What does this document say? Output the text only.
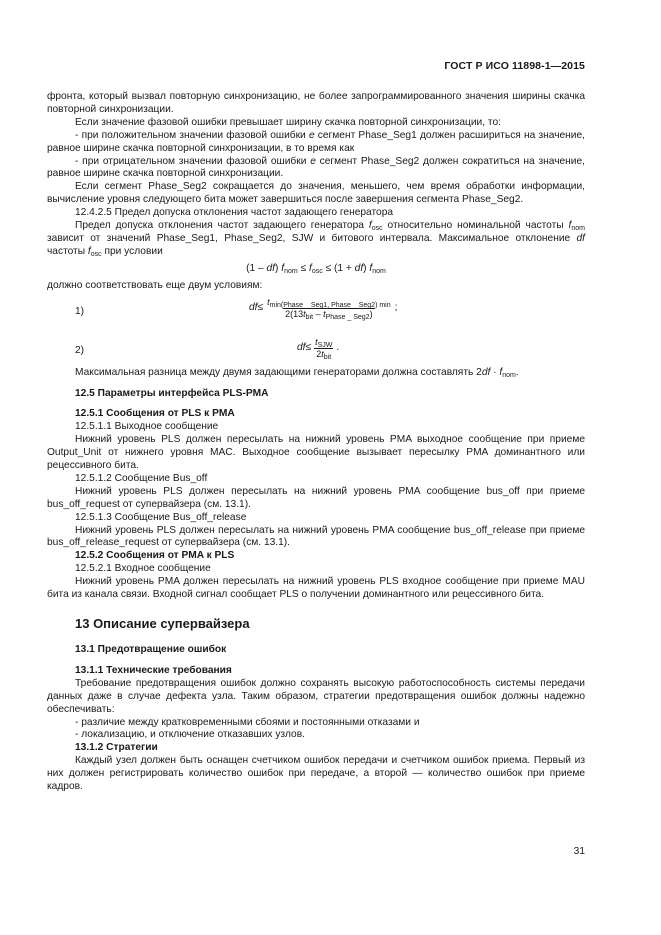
ГОСТ Р ИСО 11898-1—2015

фронта, который вызвал повторную синхронизацию, не более запрограммированного значения ширины скачка повторной синхронизации.

Если значение фазовой ошибки превышает ширину скачка повторной синхронизации, то:

- при положительном значении фазовой ошибки e сегмент Phase_Seg1 должен расшириться на значение, равное ширине скачка повторной синхронизации, в то время как

- при отрицательном значении фазовой ошибки e сегмент Phase_Seg2 должен сократиться на значение, равное ширине скачка повторной синхронизации.

Если сегмент Phase_Seg2 сокращается до значения, меньшего, чем время обработки информации, вычисление уровня следующего бита может завершиться после завершения сегмента Phase_Seg2.

12.4.2.5 Предел допуска отклонения частот задающего генератора

Предел допуска отклонения частот задающего генератора $f_{osc}$ относительно номинальной частоты $f_{nom}$ зависит от значений Phase_Seg1, Phase_Seg2, SJW и битового интервала. Максимальное отклонение df частоты $f_{osc}$ при условии

(1 – df) $f_{nom} \le f_{osc} \le (1 + df)$ $f_{nom}$

должно соответствовать еще двум условиям:

1)	df ≤ $\frac{t_{min(Phase \_ Seg1, Phase \_ Seg2) min}}{2(13t_{bit} - t_{Phase \_ Seg2})}$ ;
2)	df ≤ $\frac{t_{SJW}}{2t_{bit}}$ .

Максимальная разница между двумя задающими генераторами должна составлять $2df \cdot f_{nom}$.

12.5 Параметры интерфейса PLS-PMA

12.5.1 Сообщения от PLS к PMA

12.5.1.1 Выходное сообщение

Нижний уровень PLS должен пересылать на нижний уровень PMA выходное сообщение при приеме Output_Unit от нижнего уровня MAC. Выходное сообщение вызывает пересылку PMA доминантного или рецессивного бита.

12.5.1.2 Сообщение Bus_off

Нижний уровень PLS должен пересылать на нижний уровень PMA сообщение bus_off при приеме bus_off_request от супервайзера (см. 13.1).

12.5.1.3 Сообщение Bus_off_release

Нижний уровень PLS должен пересылать на нижний уровень PMA сообщение bus_off_release при приеме bus_off_release_request от супервайзера (см. 13.1).

12.5.2 Сообщения от PMA к PLS

12.5.2.1 Входное сообщение

Нижний уровень PMA должен пересылать на нижний уровень PLS входное сообщение при приеме MAU бита из канала связи. Входной сигнал сообщает PLS о получении доминантного или рецессивного бита.

13 Описание супервайзера

13.1 Предотвращение ошибок

13.1.1 Технические требования

Требование предотвращения ошибок должно сохранять высокую работоспособность системы передачи данных даже в случае дефекта узла. Таким образом, стратегии предотвращения ошибок должны надежно обеспечивать:

- различие между кратковременными сбоями и постоянными отказами и

- локализацию, и отключение отказавших узлов.

13.1.2 Стратегии

Каждый узел должен быть оснащен счетчиком ошибок передачи и счетчиком ошибок приема. Первый из них должен регистрировать количество ошибок при передаче, а второй — количество ошибок при приеме кадров.

31
